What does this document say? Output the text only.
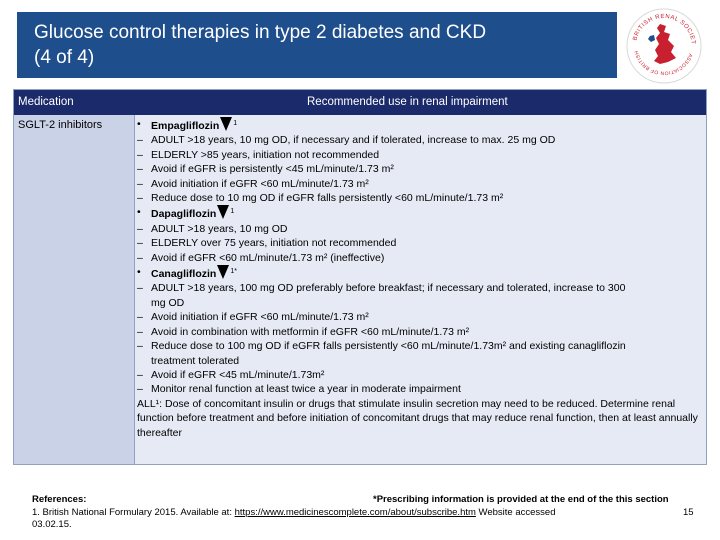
Glucose control therapies in type 2 diabetes and CKD
(4 of 4)
BRITISH RENAL SOCIET
ASSOCIATION OF BRITISH
Medication	Recommended use in renal impairment
SGLT-2 inhibitors	• Empagliflozin $^1$
– ADULT >18 years, 10 mg OD, if necessary and if tolerated, increase to max. 25 mg OD
– ELDERLY >85 years, initiation not recommended
– Avoid if eGFR is persistently <45 mL/minute/1.73 m²
– Avoid initiation if eGFR <60 mL/minute/1.73 m²
– Reduce dose to 10 mg OD if eGFR falls persistently <60 mL/minute/1.73 m²
• Dapagliflozin $^1$
– ADULT >18 years, 10 mg OD
– ELDERLY over 75 years, initiation not recommended
– Avoid if eGFR <60 mL/minute/1.73 m² (ineffective)
• Canagliflozin $^{1*}$
– ADULT >18 years, 100 mg OD preferably before breakfast; if necessary and tolerated, increase to 300
mg OD
– Avoid initiation if eGFR <60 mL/minute/1.73 m²
– Avoid in combination with metformin if eGFR <60 mL/minute/1.73 m²
– Reduce dose to 100 mg OD if eGFR falls persistently <60 mL/minute/1.73m² and existing canagliflozin
treatment tolerated
– Avoid if eGFR <45 mL/minute/1.73m²
– Monitor renal function at least twice a year in moderate impairment
ALL¹: Dose of concomitant insulin or drugs that stimulate insulin secretion may need to be reduced. Determine renal function before treatment and before initiation of concomitant drugs that may reduce renal function, then at least annually thereafter
References:	*Prescribing information is provided at the end of the this section
1. British National Formulary 2015. Available at: https://www.medicinescomplete.com/about/subscribe.htm Website accessed
03.02.15.
15
